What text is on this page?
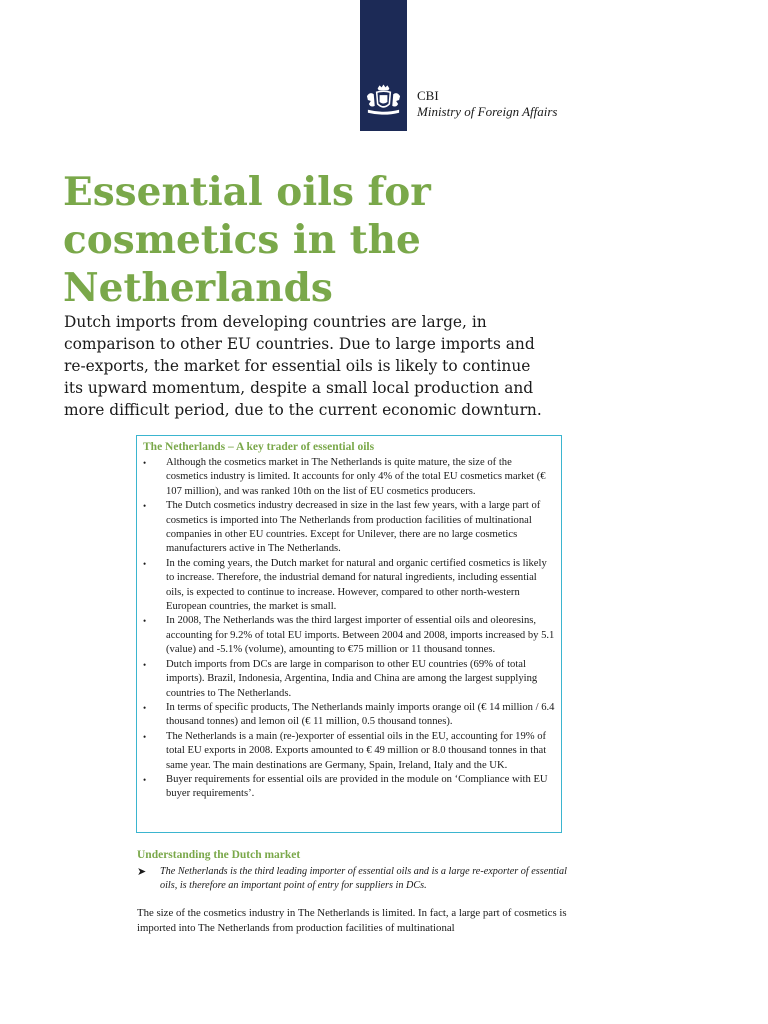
CBI
Ministry of Foreign Affairs
Essential oils for cosmetics in the Netherlands

Dutch imports from developing countries are large, in comparison to other EU countries. Due to large imports and re-exports, the market for essential oils is likely to continue its upward momentum, despite a small local production and more difficult period, due to the current economic downturn.

The Netherlands – A key trader of essential oils
• Although the cosmetics market in The Netherlands is quite mature, the size of the cosmetics industry is limited. It accounts for only 4% of the total EU cosmetics market (€ 107 million), and was ranked 10th on the list of EU cosmetics producers.
• The Dutch cosmetics industry decreased in size in the last few years, with a large part of cosmetics is imported into The Netherlands from production facilities of multinational companies in other EU countries. Except for Unilever, there are no large cosmetics manufacturers active in The Netherlands.
• In the coming years, the Dutch market for natural and organic certified cosmetics is likely to increase. Therefore, the industrial demand for natural ingredients, including essential oils, is expected to continue to increase. However, compared to other north-western European countries, the market is small.
• In 2008, The Netherlands was the third largest importer of essential oils and oleoresins, accounting for 9.2% of total EU imports. Between 2004 and 2008, imports increased by 5.1 (value) and -5.1% (volume), amounting to €75 million or 11 thousand tonnes.
• Dutch imports from DCs are large in comparison to other EU countries (69% of total imports). Brazil, Indonesia, Argentina, India and China are among the largest supplying countries to The Netherlands.
• In terms of specific products, The Netherlands mainly imports orange oil (€ 14 million / 6.4 thousand tonnes) and lemon oil (€ 11 million, 0.5 thousand tonnes).
• The Netherlands is a main (re-)exporter of essential oils in the EU, accounting for 19% of total EU exports in 2008. Exports amounted to € 49 million or 8.0 thousand tonnes in that same year. The main destinations are Germany, Spain, Ireland, Italy and the UK.
• Buyer requirements for essential oils are provided in the module on ‘Compliance with EU buyer requirements’.
Understanding the Dutch market
➤	The Netherlands is the third leading importer of essential oils and is a large re-exporter of essential oils, is therefore an important point of entry for suppliers in DCs.

The size of the cosmetics industry in The Netherlands is limited. In fact, a large part of cosmetics is imported into The Netherlands from production facilities of multinational
